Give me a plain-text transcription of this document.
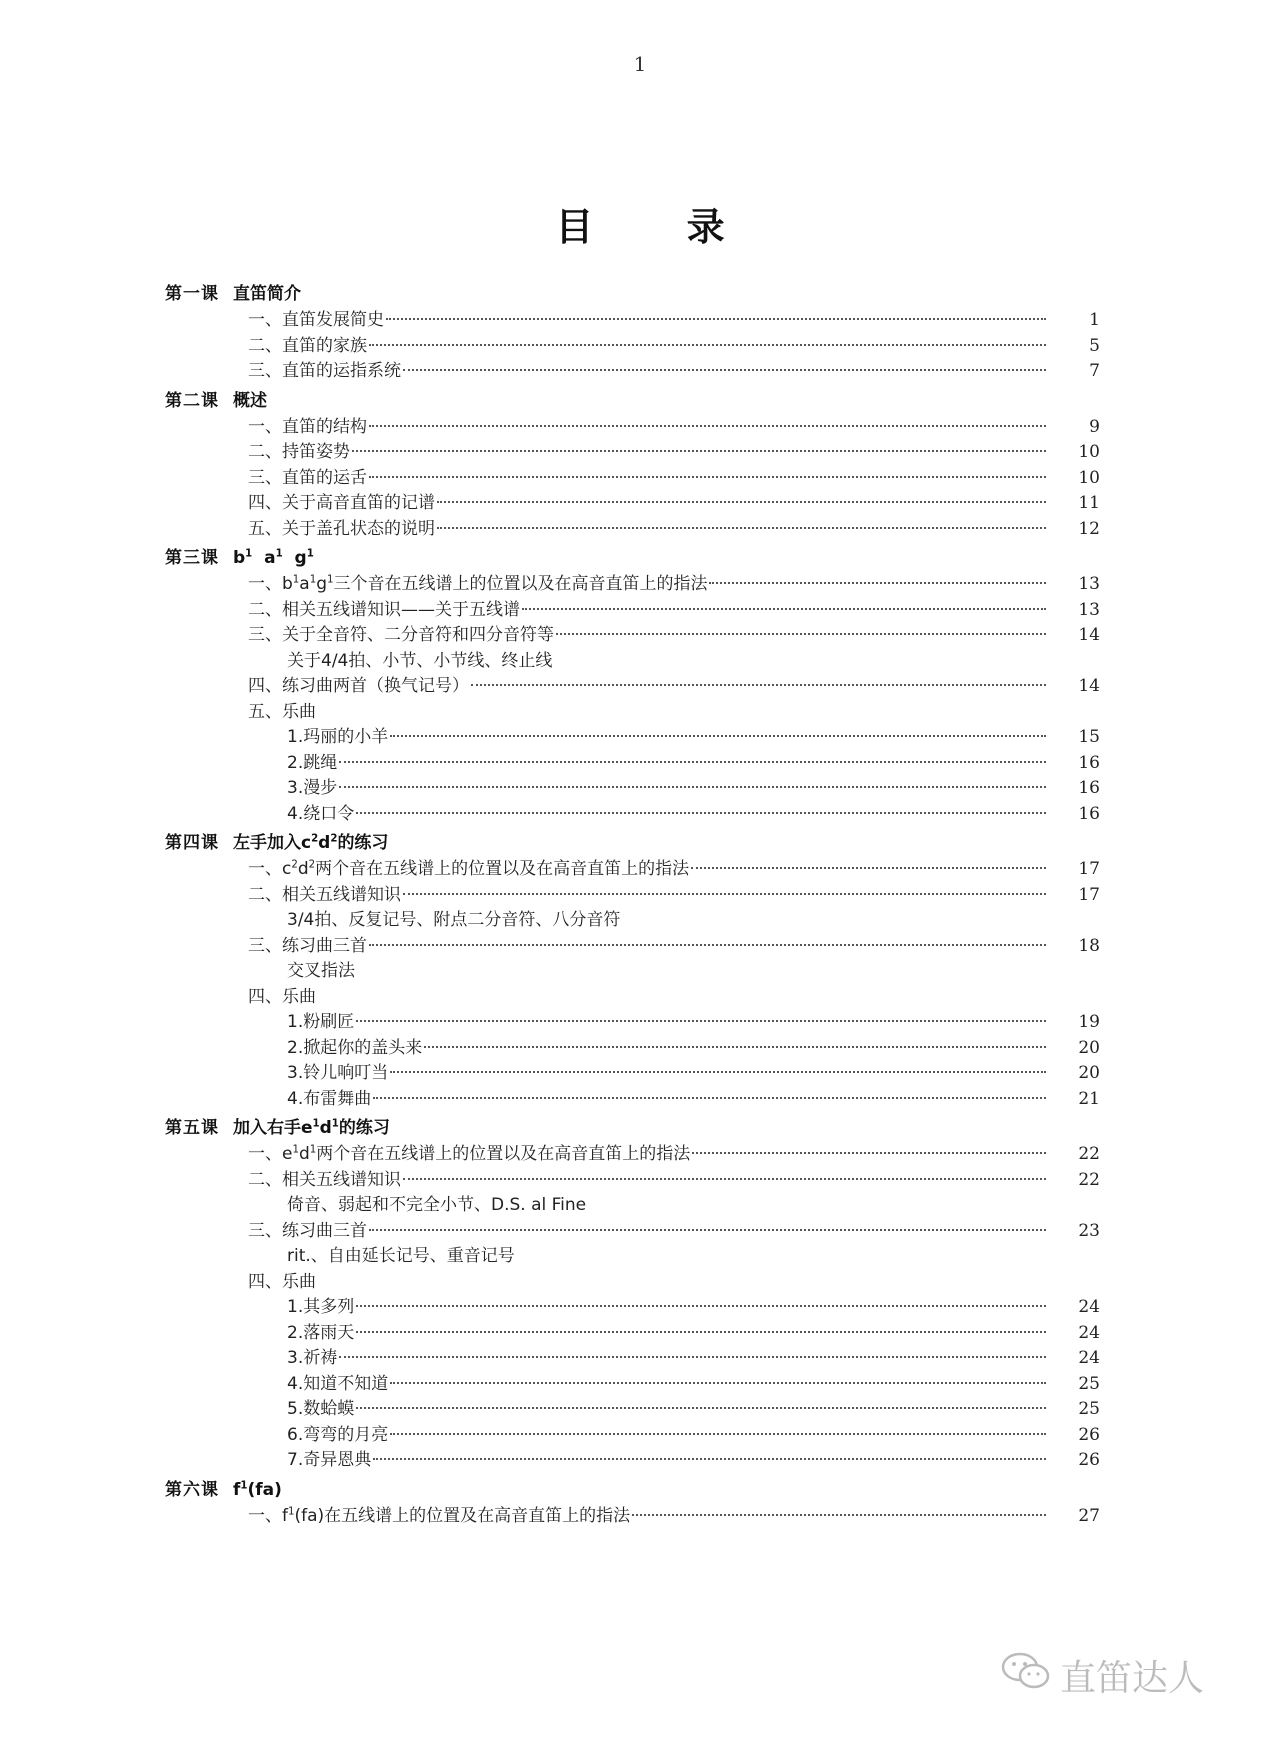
1
目 录
第一课 直笛简介
一、直笛发展简史	1
二、直笛的家族	5
三、直笛的运指系统	7
第二课 概述
一、直笛的结构	9
二、持笛姿势	10
三、直笛的运舌	10
四、关于高音直笛的记谱	11
五、关于盖孔状态的说明	12
第三课 $b^1$  $a^1$  $g^1$
一、$b^1a^1g^1$三个音在五线谱上的位置以及在高音直笛上的指法	13
二、相关五线谱知识——关于五线谱	13
三、关于全音符、二分音符和四分音符等	14
关于4/4拍、小节、小节线、终止线
四、练习曲两首（换气记号）	14
五、乐曲
1.玛丽的小羊	15
2.跳绳	16
3.漫步	16
4.绕口令	16
第四课 左手加入$c^2d^2$的练习
一、$c^2d^2$两个音在五线谱上的位置以及在高音直笛上的指法	17
二、相关五线谱知识	17
3/4拍、反复记号、附点二分音符、八分音符
三、练习曲三首	18
交叉指法
四、乐曲
1.粉刷匠	19
2.掀起你的盖头来	20
3.铃儿响叮当	20
4.布雷舞曲	21
第五课 加入右手$e^1d^1$的练习
一、$e^1d^1$两个音在五线谱上的位置以及在高音直笛上的指法	22
二、相关五线谱知识	22
倚音、弱起和不完全小节、D.S. al Fine
三、练习曲三首	23
rit.、自由延长记号、重音记号
四、乐曲
1.其多列	24
2.落雨天	24
3.祈祷	24
4.知道不知道	25
5.数蛤蟆	25
6.弯弯的月亮	26
7.奇异恩典	26
第六课 $f^1(fa)$
一、$f^1(fa)$在五线谱上的位置及在高音直笛上的指法	27
直笛达人
